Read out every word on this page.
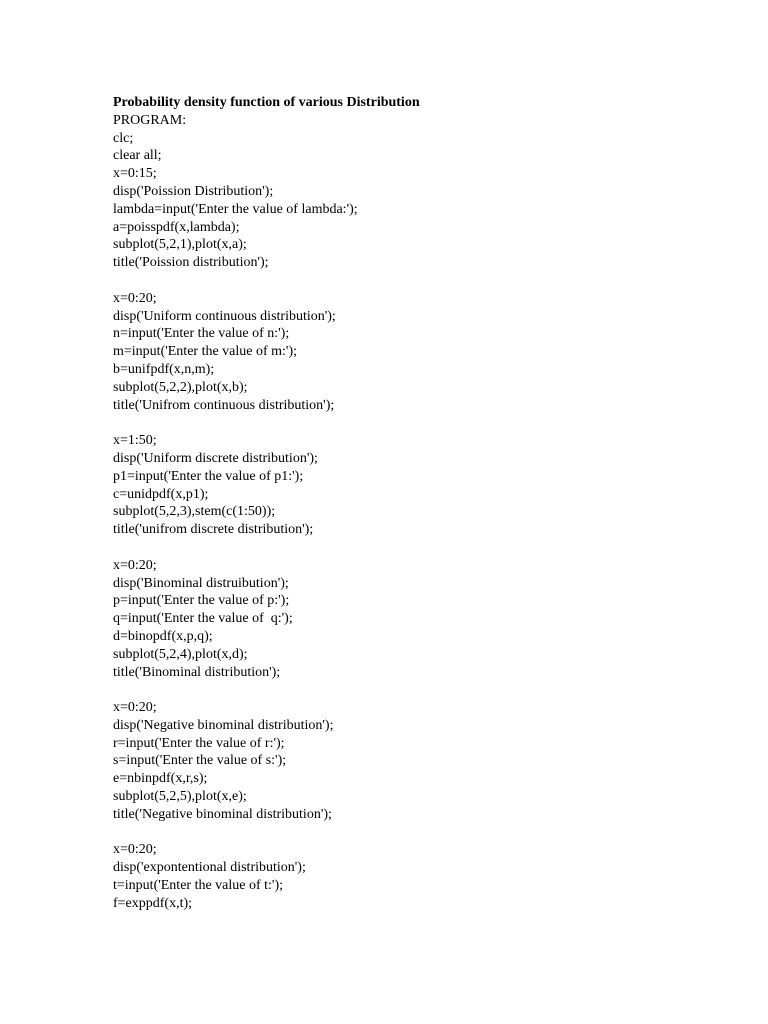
Probability density function of various Distribution
PROGRAM:
clc;
clear all;
x=0:15;
disp('Poission Distribution');
lambda=input('Enter the value of lambda:');
a=poisspdf(x,lambda);
subplot(5,2,1),plot(x,a);
title('Poission distribution');
x=0:20;
disp('Uniform continuous distribution');
n=input('Enter the value of n:');
m=input('Enter the value of m:');
b=unifpdf(x,n,m);
subplot(5,2,2),plot(x,b);
title('Unifrom continuous distribution');
x=1:50;
disp('Uniform discrete distribution');
p1=input('Enter the value of p1:');
c=unidpdf(x,p1);
subplot(5,2,3),stem(c(1:50));
title('unifrom discrete distribution');
x=0:20;
disp('Binominal distruibution');
p=input('Enter the value of p:');
q=input('Enter the value of  q:');
d=binopdf(x,p,q);
subplot(5,2,4),plot(x,d);
title('Binominal distribution');
x=0:20;
disp('Negative binominal distribution');
r=input('Enter the value of r:');
s=input('Enter the value of s:');
e=nbinpdf(x,r,s);
subplot(5,2,5),plot(x,e);
title('Negative binominal distribution');
x=0:20;
disp('expontentional distribution');
t=input('Enter the value of t:');
f=exppdf(x,t);
